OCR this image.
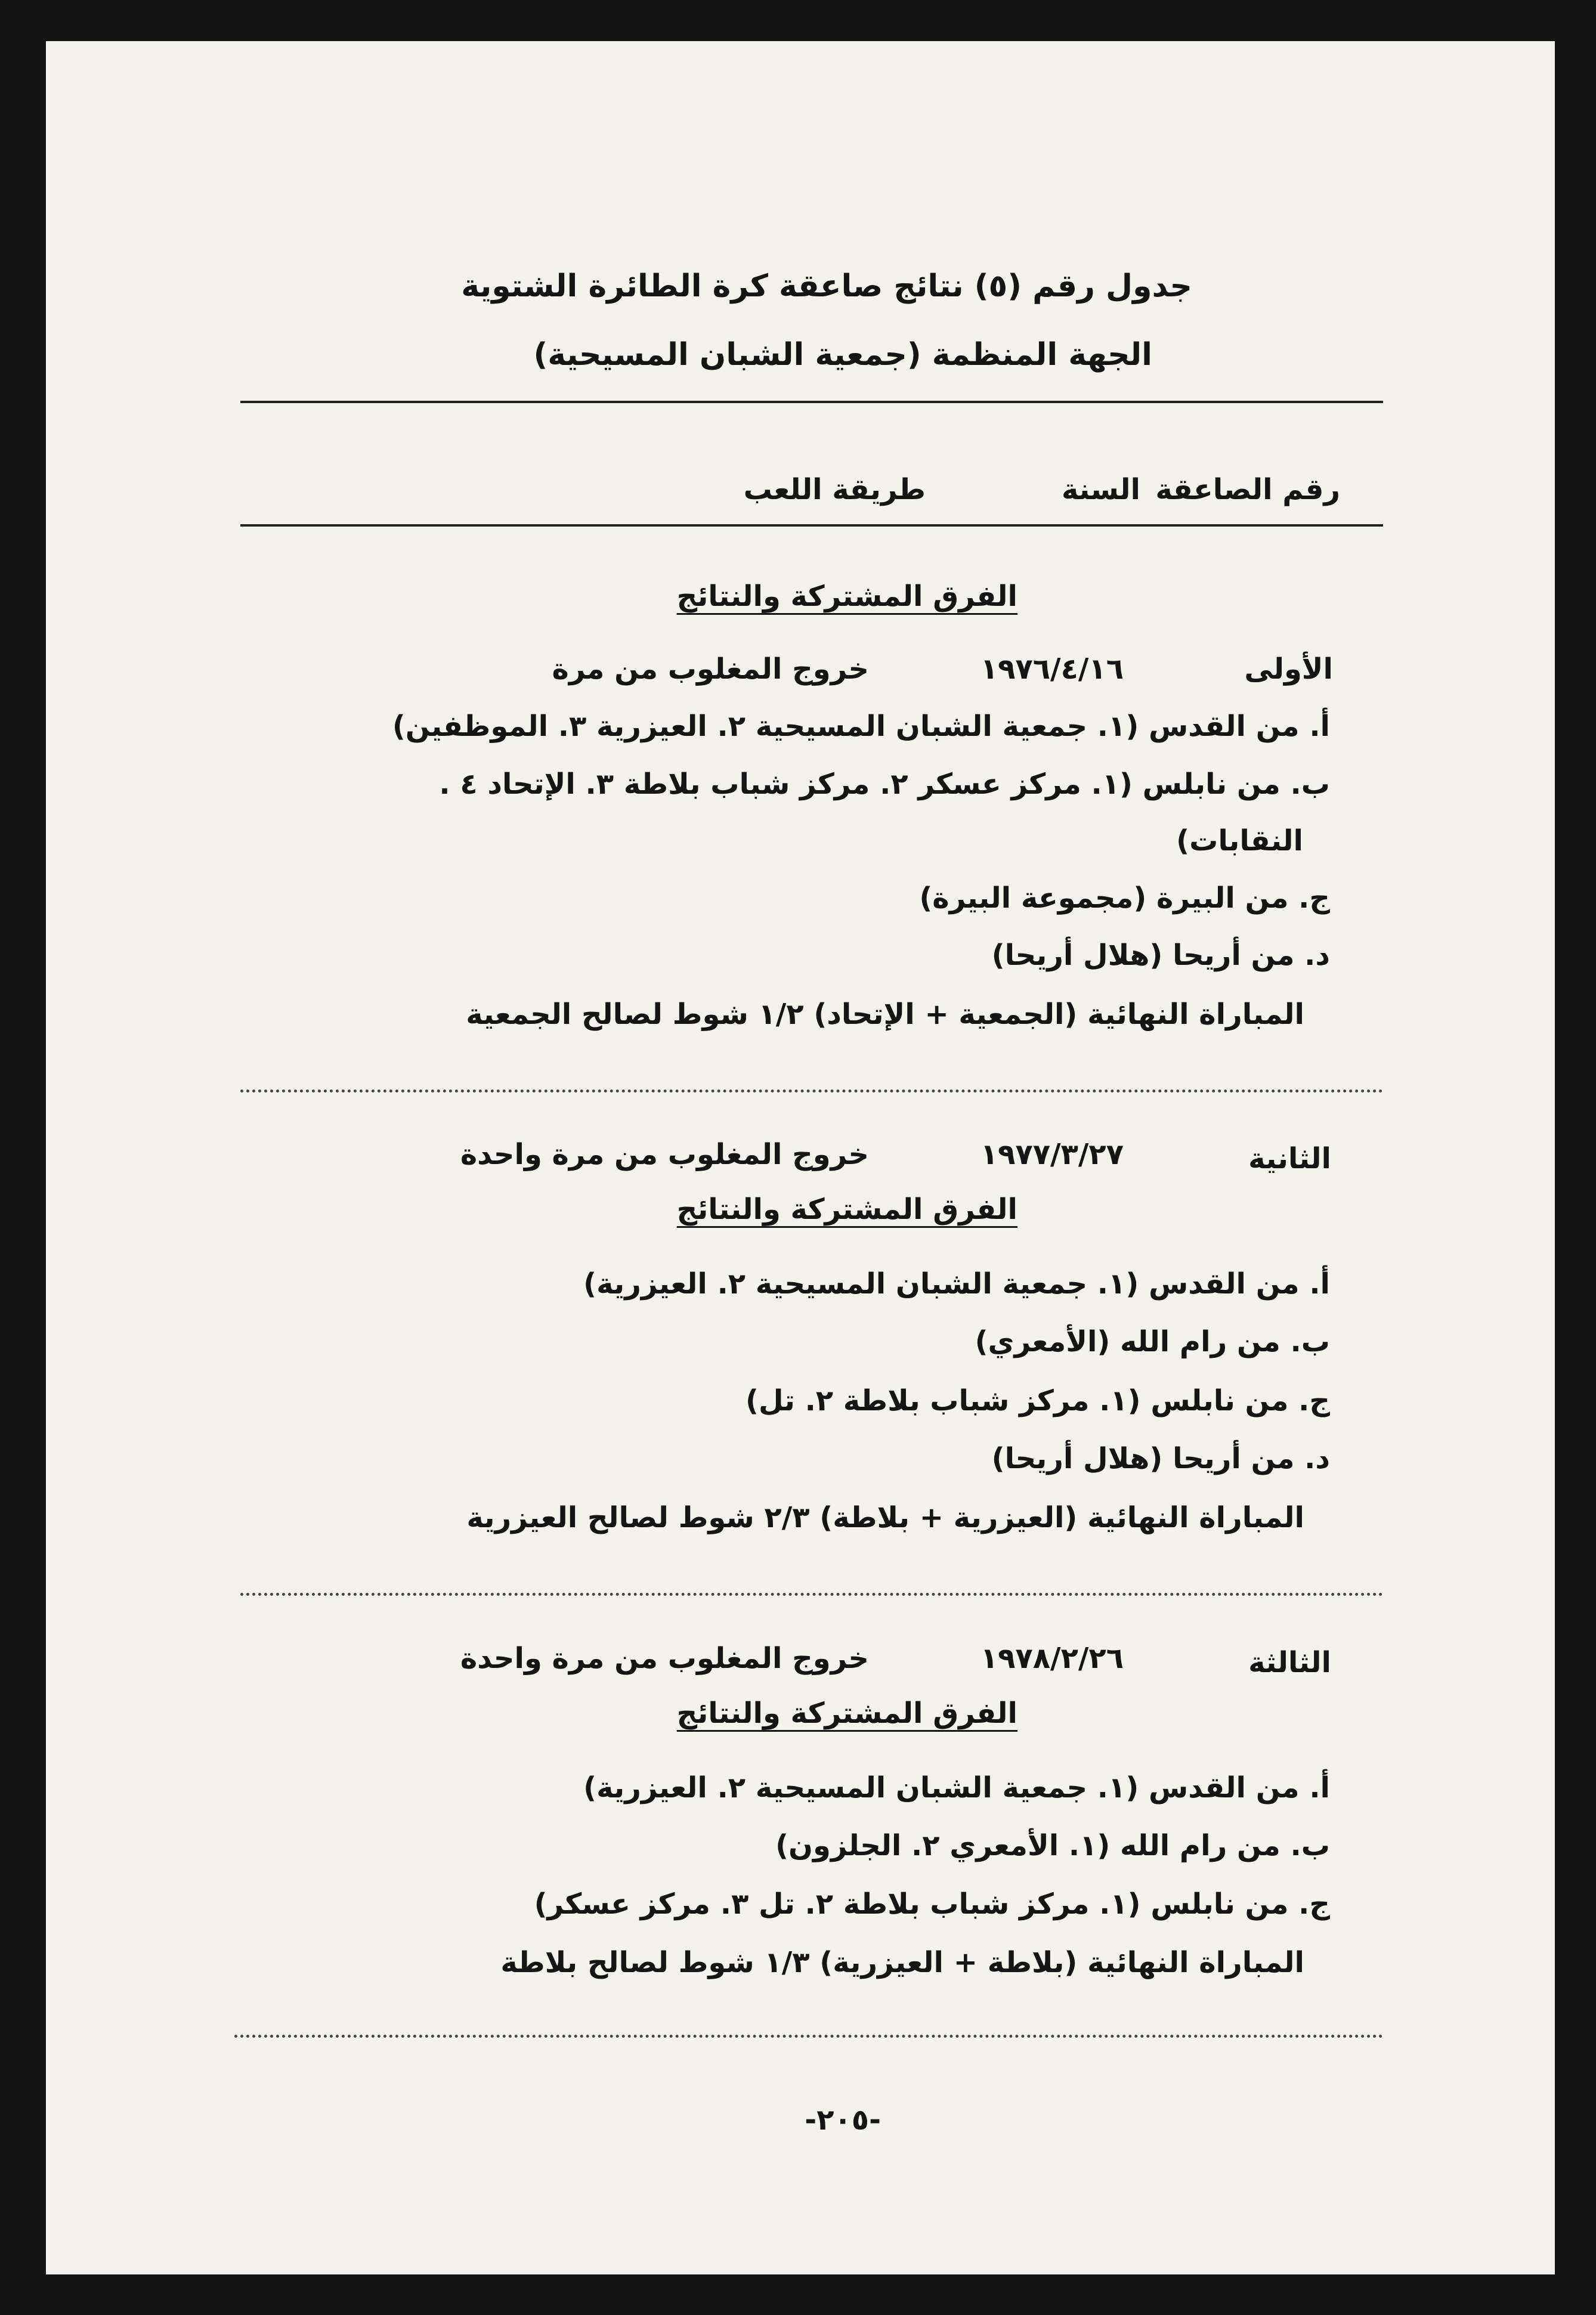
جدول رقم (٥) نتائج صاعقة كرة الطائرة الشتوية
الجهة المنظمة (جمعية الشبان المسيحية)
رقم الصاعقة
السنة
طريقة اللعب
الفرق المشتركة والنتائج
الأولى
١٩٧٦/٤/١٦
خروج المغلوب من مرة
أ. من القدس (١. جمعية الشبان المسيحية ٢. العيزرية ٣. الموظفين)
ب. من نابلس (١. مركز عسكر ٢. مركز شباب بلاطة ٣. الإتحاد ٤ .
النقابات)
ج. من البيرة (مجموعة البيرة)
د. من أريحا (هلال أريحا)
المباراة النهائية (الجمعية + الإتحاد) ١/٢ شوط لصالح الجمعية
الثانية
١٩٧٧/٣/٢٧
خروج المغلوب من مرة واحدة
الفرق المشتركة والنتائج
أ. من القدس (١. جمعية الشبان المسيحية ٢. العيزرية)
ب. من رام الله (الأمعري)
ج. من نابلس (١. مركز شباب بلاطة ٢. تل)
د. من أريحا (هلال أريحا)
المباراة النهائية (العيزرية + بلاطة) ٢/٣ شوط لصالح العيزرية
الثالثة
١٩٧٨/٢/٢٦
خروج المغلوب من مرة واحدة
الفرق المشتركة والنتائج
أ. من القدس (١. جمعية الشبان المسيحية ٢. العيزرية)
ب. من رام الله (١. الأمعري ٢. الجلزون)
ج. من نابلس (١. مركز شباب بلاطة ٢. تل ٣. مركز عسكر)
المباراة النهائية (بلاطة + العيزرية) ١/٣ شوط لصالح بلاطة
-٢٠٥-
